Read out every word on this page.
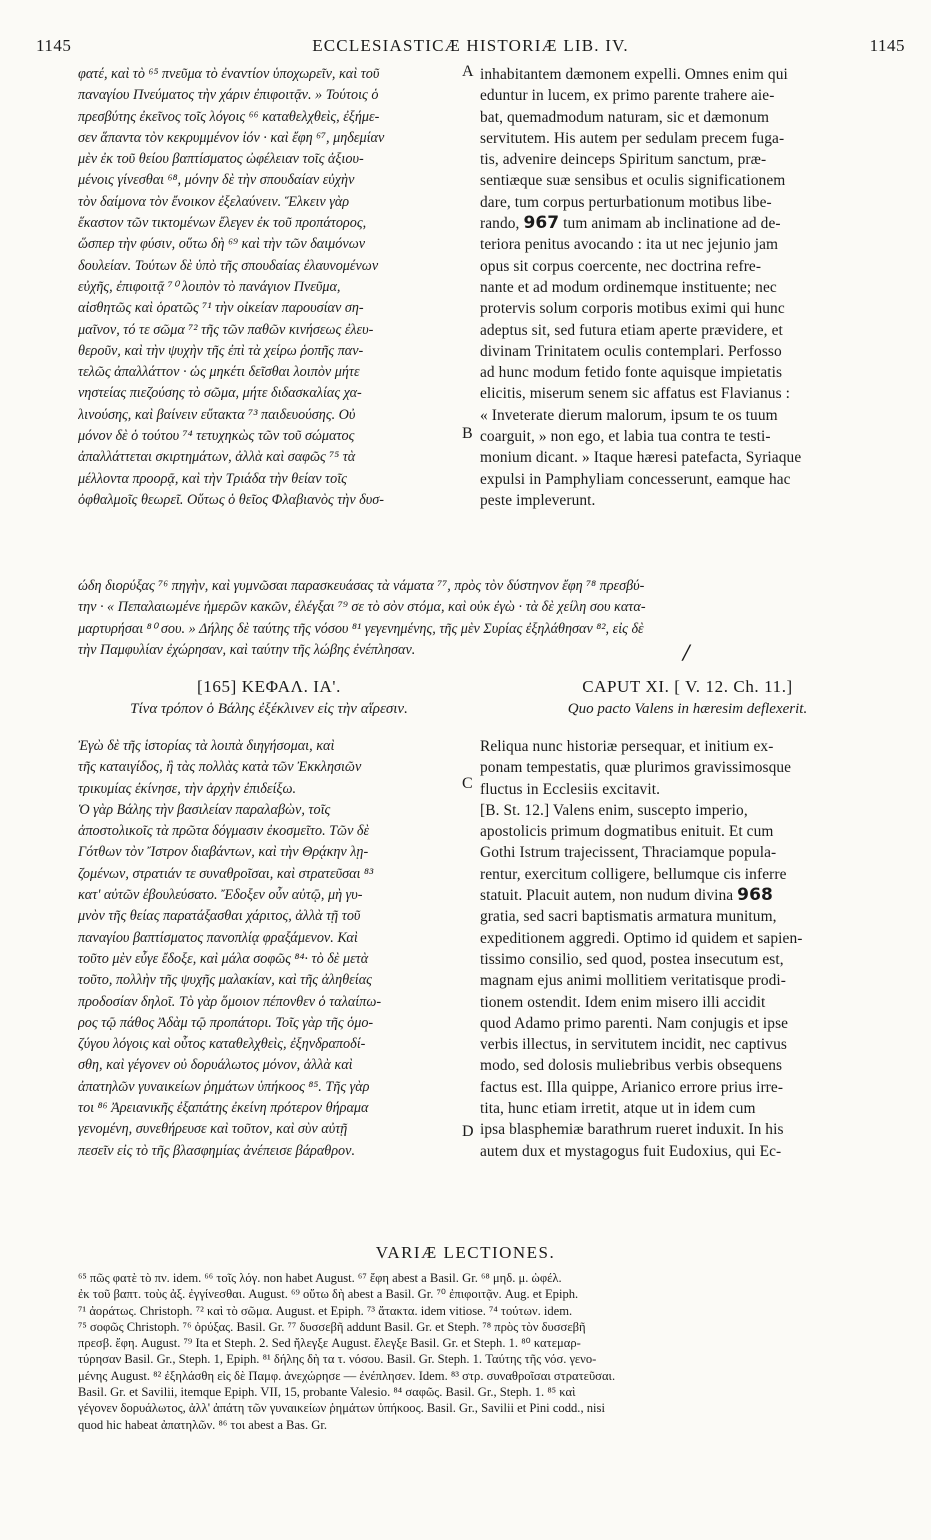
1145	ECCLESIASTICÆ HISTORIÆ LIB. IV.	1145
φατέ, καὶ τὸ ⁶⁵ πνεῦμα τὸ ἐναντίον ὑποχωρεῖν, καὶ τοῦ
παναγίου Πνεύματος τὴν χάριν ἐπιφοιτᾷν. » Τούτοις ὁ
πρεσβύτης ἐκεῖνος τοῖς λόγοις ⁶⁶ καταθελχθεὶς, ἐξήμε-
σεν ἅπαντα τὸν κεκρυμμένον ἰόν · καὶ ἔφη ⁶⁷, μηδεμίαν
μὲν ἐκ τοῦ θείου βαπτίσματος ὠφέλειαν τοῖς ἀξιου-
μένοις γίνεσθαι ⁶⁸, μόνην δὲ τὴν σπουδαίαν εὐχὴν
τὸν δαίμονα τὸν ἔνοικον ἐξελαύνειν. Ἕλκειν γὰρ
ἕκαστον τῶν τικτομένων ἔλεγεν ἐκ τοῦ προπάτορος,
ὥσπερ τὴν φύσιν, οὕτω δὴ ⁶⁹ καὶ τὴν τῶν δαιμόνων
δουλείαν. Τούτων δὲ ὑπὸ τῆς σπουδαίας ἐλαυνομένων
εὐχῆς, ἐπιφοιτᾷ ⁷⁰ λοιπὸν τὸ πανάγιον Πνεῦμα,
αἰσθητῶς καὶ ὁρατῶς ⁷¹ τὴν οἰκείαν παρουσίαν ση-
μαῖνον, τό τε σῶμα ⁷² τῆς τῶν παθῶν κινήσεως ἐλευ-
θεροῦν, καὶ τὴν ψυχὴν τῆς ἐπὶ τὰ χείρω ῥοπῆς παν-
τελῶς ἀπαλλάττον · ὡς μηκέτι δεῖσθαι λοιπὸν μήτε
νηστείας πιεζούσης τὸ σῶμα, μήτε διδασκαλίας χα-
λινούσης, καὶ βαίνειν εὔτακτα ⁷³ παιδευούσης. Οὐ
μόνον δὲ ὁ τούτου ⁷⁴ τετυχηκὼς τῶν τοῦ σώματος
ἀπαλλάττεται σκιρτημάτων, ἀλλὰ καὶ σαφῶς ⁷⁵ τὰ
μέλλοντα προορᾷ, καὶ τὴν Τριάδα τὴν θείαν τοῖς
ὀφθαλμοῖς θεωρεῖ. Οὕτως ὁ θεῖος Φλαβιανὸς τὴν δυσ-
A
B
C
D
inhabitantem dæmonem expelli. Omnes enim qui
eduntur in lucem, ex primo parente trahere aie-
bat, quemadmodum naturam, sic et dæmonum
servitutem. His autem per sedulam precem fuga-
tis, advenire deinceps Spiritum sanctum, præ-
sentiæque suæ sensibus et oculis significationem
dare, tum corpus perturbationum motibus libe-
rando, 967 tum animam ab inclinatione ad de-
teriora penitus avocando : ita ut nec jejunio jam
opus sit corpus coercente, nec doctrina refre-
nante et ad modum ordinemque instituente; nec
protervis solum corporis motibus eximi qui hunc
adeptus sit, sed futura etiam aperte prævidere, et
divinam Trinitatem oculis contemplari. Perfosso
ad hunc modum fetido fonte aquisque impietatis
elicitis, miserum senem sic affatus est Flavianus :
« Inveterate dierum malorum, ipsum te os tuum
coarguit, » non ego, et labia tua contra te testi-
monium dicant. » Itaque hæresi patefacta, Syriaque
expulsi in Pamphyliam concesserunt, eamque hac
peste impleverunt.
ώδη διορύξας ⁷⁶ πηγὴν, καὶ γυμνῶσαι παρασκευάσας τὰ νάματα ⁷⁷, πρὸς τὸν δύστηνον ἔφη ⁷⁸ πρεσβύ-
την · « Πεπαλαιωμένε ἡμερῶν κακῶν, ἐλέγξαι ⁷⁹ σε τὸ σὸν στόμα, καὶ οὐκ ἐγὼ · τὰ δὲ χείλη σου κατα-
μαρτυρήσαι ⁸⁰ σου. » Δήλης δὲ ταύτης τῆς νόσου ⁸¹ γεγενημένης, τῆς μὲν Συρίας ἐξηλάθησαν ⁸², εἰς δὲ
τὴν Παμφυλίαν ἐχώρησαν, καὶ ταύτην τῆς λώβης ἐνέπλησαν.	/
[165] ΚΕΦΑΛ. ΙΑ'.
Τίνα τρόπον ὁ Βάλης ἐξέκλινεν εἰς τὴν αἵρεσιν.
CAPUT XI. [ V. 12. Ch. 11.]
Quo pacto Valens in hæresim deflexerit.
Ἐγὼ δὲ τῆς ἱστορίας τὰ λοιπὰ διηγήσομαι, καὶ
τῆς καταιγίδος, ἣ τὰς πολλὰς κατὰ τῶν Ἐκκλησιῶν
τρικυμίας ἐκίνησε, τὴν ἀρχὴν ἐπιδείξω.
Ὁ γὰρ Βάλης τὴν βασιλείαν παραλαβὼν, τοῖς
ἀποστολικοῖς τὰ πρῶτα δόγμασιν ἐκοσμεῖτο. Τῶν δὲ
Γότθων τὸν Ἴστρον διαβάντων, καὶ τὴν Θρᾴκην λῃ-
ζομένων, στρατιάν τε συναθροῖσαι, καὶ στρατεῦσαι ⁸³
κατ' αὐτῶν ἐβουλεύσατο. Ἔδοξεν οὖν αὐτῷ, μὴ γυ-
μνὸν τῆς θείας παρατάξασθαι χάριτος, ἀλλὰ τῇ τοῦ
παναγίου βαπτίσματος πανοπλίᾳ φραξάμενον. Καὶ
τοῦτο μὲν εὖγε ἔδοξε, καὶ μάλα σοφῶς ⁸⁴· τὸ δὲ μετὰ
τοῦτο, πολλὴν τῆς ψυχῆς μαλακίαν, καὶ τῆς ἀληθείας
προδοσίαν δηλοῖ. Τὸ γὰρ ὅμοιον πέπονθεν ὁ ταλαίπω-
ρος τῷ πάθος Ἀδὰμ τῷ προπάτορι. Τοῖς γὰρ τῆς ὁμο-
ζύγου λόγοις καὶ οὗτος καταθελχθεὶς, ἐξηνδραποδί-
σθη, καὶ γέγονεν οὐ δορυάλωτος μόνον, ἀλλὰ καὶ
ἀπατηλῶν γυναικείων ῥημάτων ὑπήκοος ⁸⁵. Τῆς γὰρ
τοι ⁸⁶ Ἀρειανικῆς ἐξαπάτης ἐκείνη πρότερον θήραμα
γενομένη, συνεθήρευσε καὶ τοῦτον, καὶ σὺν αὐτῇ
πεσεῖν εἰς τὸ τῆς βλασφημίας ἀνέπεισε βάραθρον.
Reliqua nunc historiæ persequar, et initium ex-
ponam tempestatis, quæ plurimos gravissimosque
fluctus in Ecclesiis excitavit.
[B. St. 12.] Valens enim, suscepto imperio,
apostolicis primum dogmatibus enituit. Et cum
Gothi Istrum trajecissent, Thraciamque popula-
rentur, exercitum colligere, bellumque cis inferre
statuit. Placuit autem, non nudum divina 968
gratia, sed sacri baptismatis armatura munitum,
expeditionem aggredi. Optimo id quidem et sapien-
tissimo consilio, sed quod, postea insecutum est,
magnam ejus animi mollitiem veritatisque prodi-
tionem ostendit. Idem enim misero illi accidit
quod Adamo primo parenti. Nam conjugis et ipse
verbis illectus, in servitutem incidit, nec captivus
modo, sed dolosis muliebribus verbis obsequens
factus est. Illa quippe, Arianico errore prius irre-
tita, hunc etiam irretit, atque ut in idem cum
ipsa blasphemiæ barathrum rueret induxit. In his
autem dux et mystagogus fuit Eudoxius, qui Ec-
VARIÆ LECTIONES.
⁶⁵ πῶς φατὲ τὸ πν. idem. ⁶⁶ τοῖς λόγ. non habet August. ⁶⁷ ἔφη abest a Basil. Gr. ⁶⁸ μηδ. μ. ὠφέλ.
ἐκ τοῦ βαπτ. τοὺς ἀξ. ἐγγίνεσθαι. August. ⁶⁹ οὕτω δὴ abest a Basil. Gr. ⁷⁰ ἐπιφοιτᾷν. Aug. et Epiph.
⁷¹ ἀοράτως. Christoph. ⁷² καὶ τὸ σῶμα. August. et Epiph. ⁷³ ἄτακτα. idem vitiose. ⁷⁴ τούτων. idem.
⁷⁵ σοφῶς Christoph. ⁷⁶ ὀρύξας. Basil. Gr. ⁷⁷ δυσσεβῆ addunt Basil. Gr. et Steph. ⁷⁸ πρὸς τὸν δυσσεβῆ
πρεσβ. ἔφη. August. ⁷⁹ Ita et Steph. 2. Sed ἤλεγξε August. ἔλεγξε Basil. Gr. et Steph. 1. ⁸⁰ κατεμαρ-
τύρησαν Basil. Gr., Steph. 1, Epiph. ⁸¹ δήλης δὴ τα τ. νόσου. Basil. Gr. Steph. 1. Ταύτης τῆς νόσ. γενο-
μένης August. ⁸² ἐξηλάσθη εἰς δὲ Παμφ. ἀνεχώρησε — ἐνέπλησεν. Idem. ⁸³ στρ. συναθροῖσαι στρατεῦσαι.
Basil. Gr. et Savilii, itemque Epiph. VII, 15, probante Valesio. ⁸⁴ σαφῶς. Basil. Gr., Steph. 1. ⁸⁵ καὶ
γέγονεν δορυάλωτος, ἀλλ' ἀπάτη τῶν γυναικείων ῥημάτων ὑπήκοος. Basil. Gr., Savilii et Pini codd., nisi
quod hic habeat ἀπατηλῶν. ⁸⁶ τοι abest a Bas. Gr.
